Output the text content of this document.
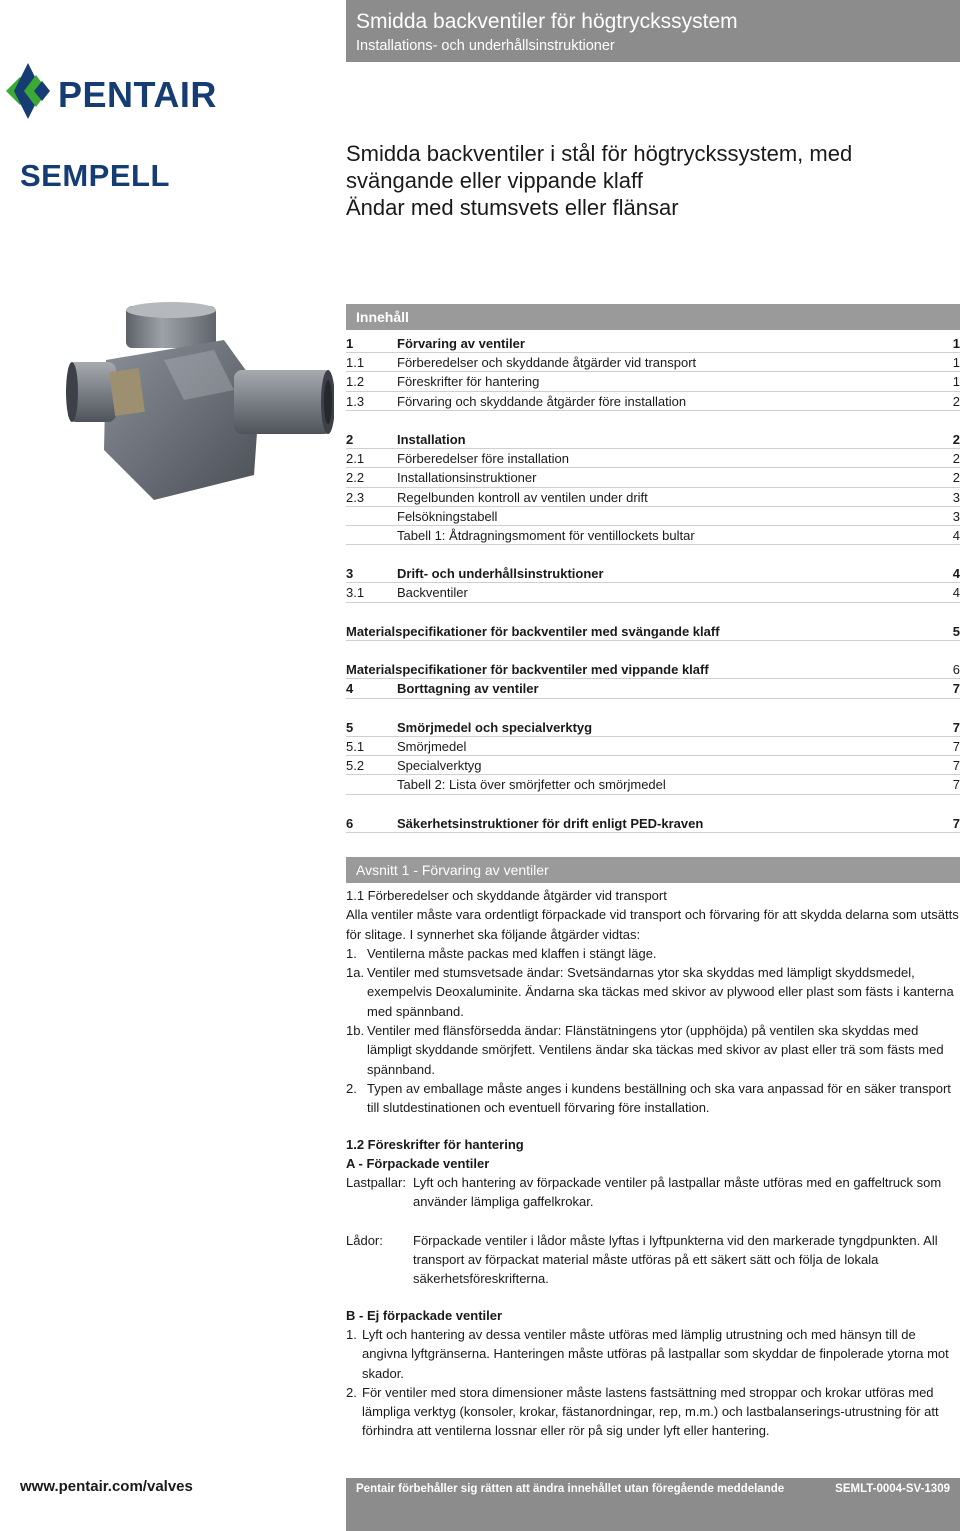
Smidda backventiler för högtryckssystem
Installations- och underhållsinstruktioner
PENTAIR
SEMPELL
Smidda backventiler i stål för högtryckssystem, med
svängande eller vippande klaff
Ändar med stumsvets eller flänsar
Innehåll
1	Förvaring av ventiler	1
1.1	Förberedelser och skyddande åtgärder vid transport	1
1.2	Föreskrifter för hantering	1
1.3	Förvaring och skyddande åtgärder före installation	2
2	Installation	2
2.1	Förberedelser före installation	2
2.2	Installationsinstruktioner	2
2.3	Regelbunden kontroll av ventilen under drift	3
Felsökningstabell	3
Tabell 1: Åtdragningsmoment för ventillockets bultar	4
3	Drift- och underhållsinstruktioner	4
3.1	Backventiler	4
Materialspecifikationer för backventiler med svängande klaff	5
Materialspecifikationer för backventiler med vippande klaff	6
4	Borttagning av ventiler	7
5	Smörjmedel och specialverktyg	7
5.1	Smörjmedel	7
5.2	Specialverktyg	7
Tabell 2: Lista över smörjfetter och smörjmedel	7
6	Säkerhetsinstruktioner för drift enligt PED-kraven	7
Avsnitt 1 - Förvaring av ventiler

1.1 Förberedelser och skyddande åtgärder vid transport

Alla ventiler måste vara ordentligt förpackade vid transport och förvaring för att skydda delarna som utsätts för slitage. I synnerhet ska följande åtgärder vidtas:

1. Ventilerna måste packas med klaffen i stängt läge.
1a. Ventiler med stumsvetsade ändar: Svetsändarnas ytor ska skyddas med lämpligt skyddsmedel, exempelvis Deoxaluminite. Ändarna ska täckas med skivor av plywood eller plast som fästs i kanterna med spännband.
1b. Ventiler med flänsförsedda ändar: Flänstätningens ytor (upphöjda) på ventilen ska skyddas med lämpligt skyddande smörjfett. Ventilens ändar ska täckas med skivor av plast eller trä som fästs med spännband.
2. Typen av emballage måste anges i kundens beställning och ska vara anpassad för en säker transport till slutdestinationen och eventuell förvaring före installation.

1.2 Föreskrifter för hantering

A - Förpackade ventiler

Lastpallar: Lyft och hantering av förpackade ventiler på lastpallar måste utföras med en gaffeltruck som använder lämpliga gaffelkrokar.
Lådor: Förpackade ventiler i lådor måste lyftas i lyftpunkterna vid den markerade tyngdpunkten. All transport av förpackat material måste utföras på ett säkert sätt och följa de lokala säkerhetsföreskrifterna.

B - Ej förpackade ventiler

1. Lyft och hantering av dessa ventiler måste utföras med lämplig utrustning och med hänsyn till de angivna lyftgränserna. Hanteringen måste utföras på lastpallar som skyddar de finpolerade ytorna mot skador.
2. För ventiler med stora dimensioner måste lastens fastsättning med stroppar och krokar utföras med lämpliga verktyg (konsoler, krokar, fästanordningar, rep, m.m.) och lastbalanserings-utrustning för att förhindra att ventilerna lossnar eller rör på sig under lyft eller hantering.
www.pentair.com/valves	Pentair förbehåller sig rätten att ändra innehållet utan föregående meddelande	SEMLT-0004-SV-1309
